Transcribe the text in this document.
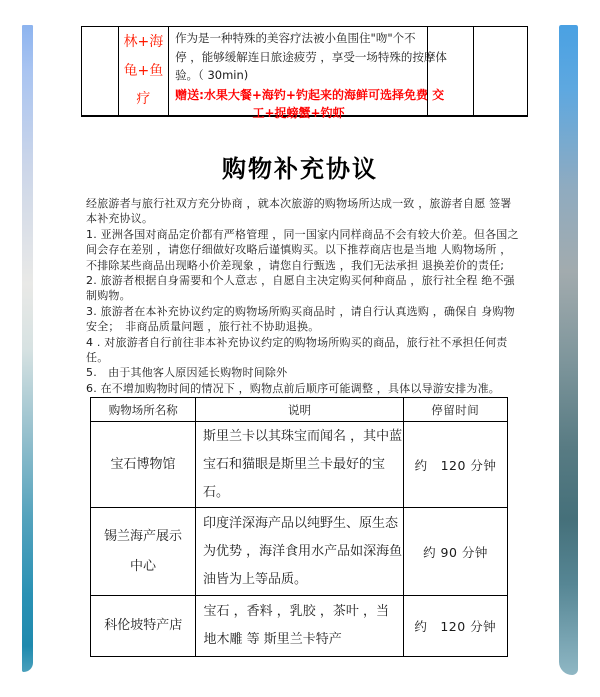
林+海
龟+鱼
疗
作为是一种特殊的美容疗法被小鱼围住"吻"个不
停 ，能够缓解连日旅途疲劳 ，享受一场特殊的按摩体
验。（ 30min)
赠送:水果大餐+海钓+钓起来的海鲜可选择免费 交
工+捉螃蟹+钓虾
购物补充协议
经旅游者与旅行社双方充分协商 ，就本次旅游的购物场所达成一致 ，旅游者自愿 签署
本补充协议。
1. 亚洲各国对商品定价都有严格管理 ，同一国家内同样商品不会有较大价差。但各国之
间会存在差别 ，请您仔细做好攻略后谨慎购买。以下推荐商店也是当地 人购物场所 ，
不排除某些商品出现略小价差现象 ，请您自行甄选 ，我们无法承担 退换差价的责任;
2. 旅游者根据自身需要和个人意志 ，自愿自主决定购买何种商品 ，旅行社全程 绝不强
制购物。
3. 旅游者在本补充协议约定的购物场所购买商品时 ，请自行认真选购 ，确保自 身购物
安全；　非商品质量问题 ，旅行社不协助退换。
4 . 对旅游者自行前往非本补充协议约定的购物场所购买的商品，旅行社不承担任何责
任。
5.　由于其他客人原因延长购物时间除外
6. 在不增加购物时间的情况下 ，购物点前后顺序可能调整 ，具体以导游安排为准。
购物场所名称	说明	停留时间
宝石博物馆
斯里兰卡以其珠宝而闻名 ，其中蓝
宝石和猫眼是斯里兰卡最好的宝
石。
约　120 分钟
锡兰海产展示
中心
印度洋深海产品以纯野生、原生态
为优势 ，海洋食用水产品如深海鱼
油皆为上等品质。
约 90 分钟
科伦坡特产店
宝石 ，香料 ，乳胶 ，茶叶 ，当
地木雕 等 斯里兰卡特产
约　120 分钟
